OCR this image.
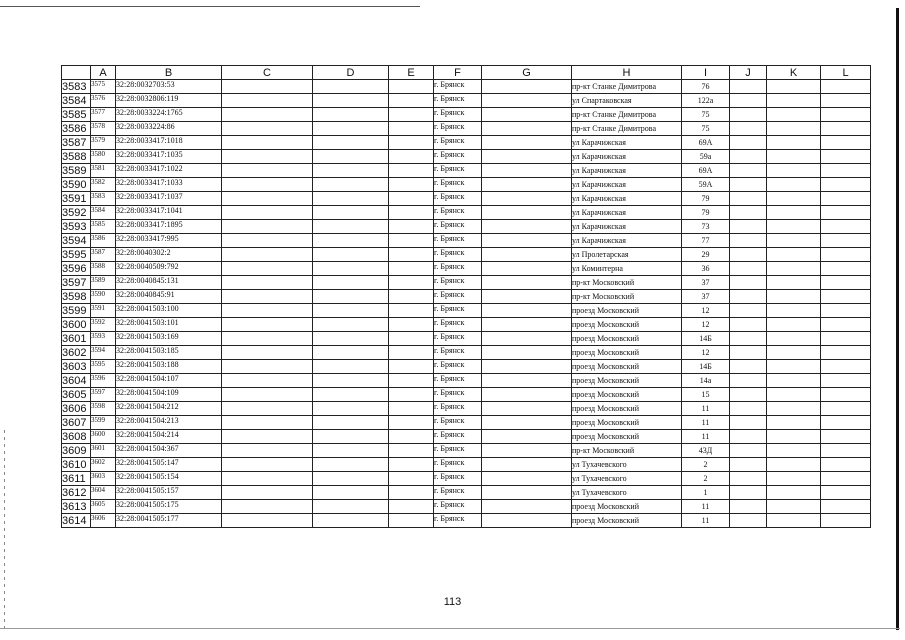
	A	B	C	D	E	F	G	H	I	J	K	L
3583	3575	32:28:0032703:53				г. Брянск		пр-кт Станке Димитрова	76			
3584	3576	32:28:0032806:119				г. Брянск		ул Спартаковская	122а			
3585	3577	32:28:0033224:1765				г. Брянск		пр-кт Станке Димитрова	75			
3586	3578	32:28:0033224:86				г. Брянск		пр-кт Станке Димитрова	75			
3587	3579	32:28:0033417:1018				г. Брянск		ул Карачижская	69А			
3588	3580	32:28:0033417:1035				г. Брянск		ул Карачижская	59а			
3589	3581	32:28:0033417:1022				г. Брянск		ул Карачижская	69А			
3590	3582	32:28:0033417:1033				г. Брянск		ул Карачижская	59А			
3591	3583	32:28:0033417:1037				г. Брянск		ул Карачижская	79			
3592	3584	32:28:0033417:1041				г. Брянск		ул Карачижская	79			
3593	3585	32:28:0033417:1895				г. Брянск		ул Карачижская	73			
3594	3586	32:28:0033417:995				г. Брянск		ул Карачижская	77			
3595	3587	32:28:0040302:2				г. Брянск		ул Пролетарская	29			
3596	3588	32:28:0040509:792				г. Брянск		ул Коминтерна	36			
3597	3589	32:28:0040845:131				г. Брянск		пр-кт Московский	37			
3598	3590	32:28:0040845:91				г. Брянск		пр-кт Московский	37			
3599	3591	32:28:0041503:100				г. Брянск		проезд Московский	12			
3600	3592	32:28:0041503:101				г. Брянск		проезд Московский	12			
3601	3593	32:28:0041503:169				г. Брянск		проезд Московский	14Б			
3602	3594	32:28:0041503:185				г. Брянск		проезд Московский	12			
3603	3595	32:28:0041503:188				г. Брянск		проезд Московский	14Б			
3604	3596	32:28:0041504:107				г. Брянск		проезд Московский	14а			
3605	3597	32:28:0041504:109				г. Брянск		проезд Московский	15			
3606	3598	32:28:0041504:212				г. Брянск		проезд Московский	11			
3607	3599	32:28:0041504:213				г. Брянск		проезд Московский	11			
3608	3600	32:28:0041504:214				г. Брянск		проезд Московский	11			
3609	3601	32:28:0041504:367				г. Брянск		пр-кт Московский	43Д			
3610	3602	32:28:0041505:147				г. Брянск		ул Тухачевского	2			
3611	3603	32:28:0041505:154				г. Брянск		ул Тухачевского	2			
3612	3604	32:28:0041505:157				г. Брянск		ул Тухачевского	1			
3613	3605	32:28:0041505:175				г. Брянск		проезд Московский	11			
3614	3606	32:28:0041505:177				г. Брянск		проезд Московский	11			
113
